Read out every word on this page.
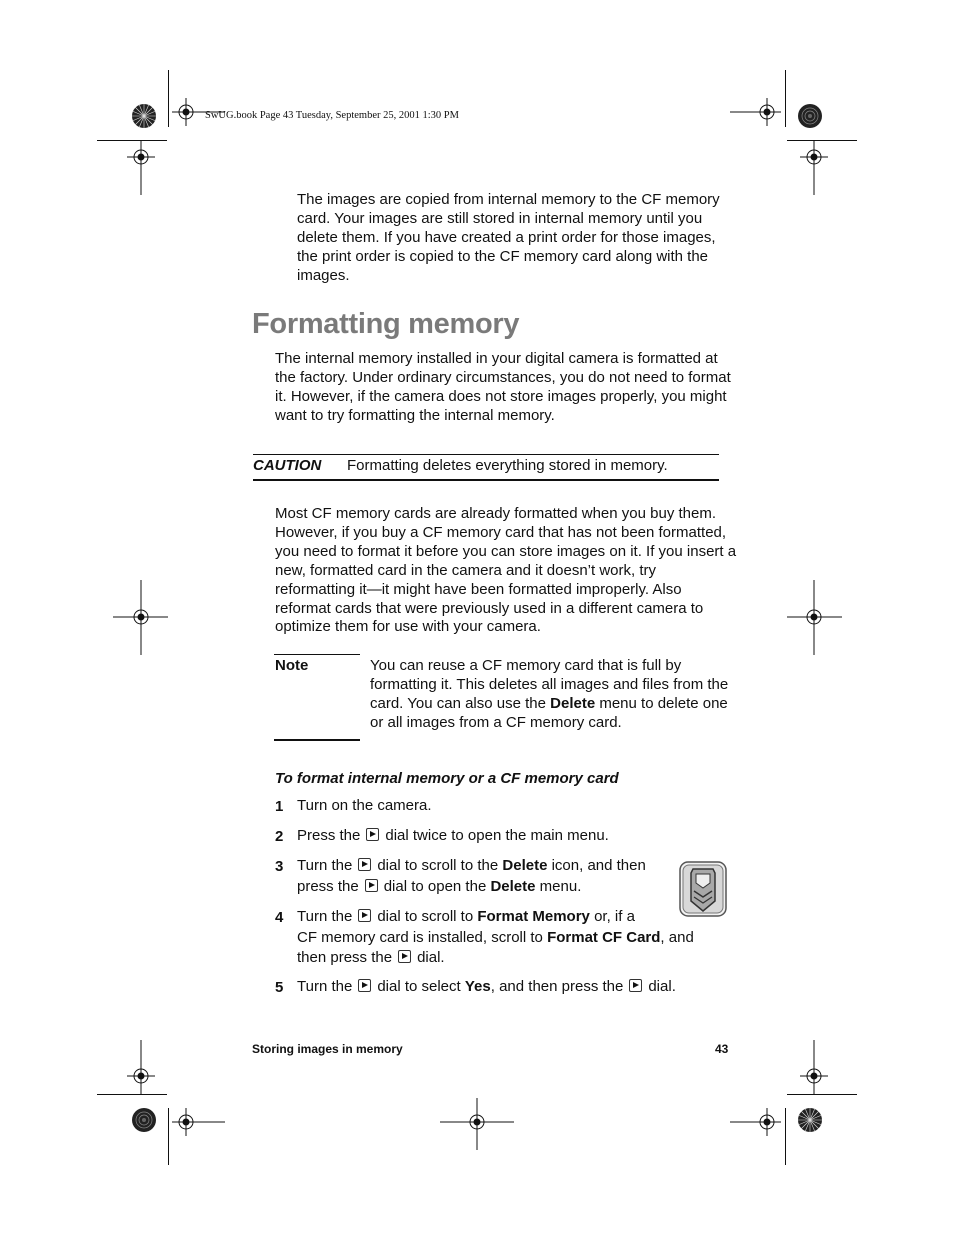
SwUG.book Page 43 Tuesday, September 25, 2001 1:30 PM
The images are copied from internal memory to the CF memory card. Your images are still stored in internal memory until you delete them. If you have created a print order for those images, the print order is copied to the CF memory card along with the images.
Formatting memory
The internal memory installed in your digital camera is formatted at the factory. Under ordinary circumstances, you do not need to format it. However, if the camera does not store images properly, you might want to try formatting the internal memory.
CAUTION Formatting deletes everything stored in memory.
Most CF memory cards are already formatted when you buy them. However, if you buy a CF memory card that has not been formatted, you need to format it before you can store images on it. If you insert a new, formatted card in the camera and it doesn’t work, try reformatting it—it might have been formatted improperly. Also reformat cards that were previously used in a different camera to optimize them for use with your camera.
Note	You can reuse a CF memory card that is full by formatting it. This deletes all images and files from the card. You can also use the Delete menu to delete one or all images from a CF memory card.
To format internal memory or a CF memory card
1 Turn on the camera.
2 Press the dial twice to open the main menu.
3 Turn the dial to scroll to the Delete icon, and then
press the dial to open the Delete menu.
4 Turn the dial to scroll to Format Memory or, if a
CF memory card is installed, scroll to Format CF Card, and
then press the dial.
5 Turn the dial to select Yes, and then press the dial.
Storing images in memory	43
